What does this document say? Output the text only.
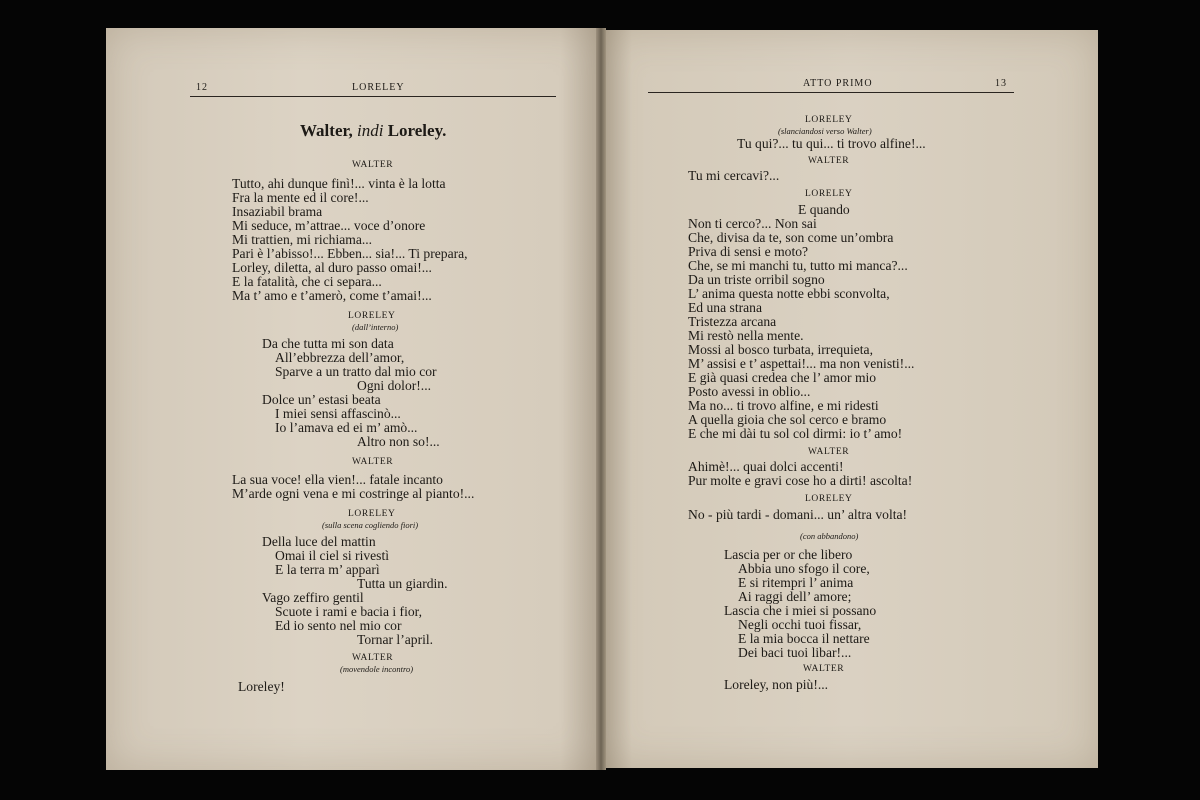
12	LORELEY
Walter, indi Loreley.
WALTER
Tutto, ahi dunque finì!... vinta è la lotta
Fra la mente ed il core!...
Insaziabil brama
Mi seduce, m’attrae... voce d’onore
Mi trattien, mi richiama...
Pari è l’abisso!... Ebben... sia!... Ti prepara,
Lorley, diletta, al duro passo omai!...
E la fatalità, che ci separa...
Ma t’ amo e t’amerò, come t’amai!...
LORELEY
(dall’interno)
Da che tutta mi son data
All’ebbrezza dell’amor,
Sparve a un tratto dal mio cor
Ogni dolor!...
Dolce un’ estasi beata
I miei sensi affascinò...
Io l’amava ed ei m’ amò...
Altro non so!...
WALTER
La sua voce! ella vien!... fatale incanto
M’arde ogni vena e mi costringe al pianto!...
LORELEY
(sulla scena cogliendo fiori)
Della luce del mattin
Omai il ciel si rivestì
E la terra m’ apparì
Tutta un giardin.
Vago zeffiro gentil
Scuote i rami e bacia i fior,
Ed io sento nel mio cor
Tornar l’april.
WALTER
(movendole incontro)
Loreley!
ATTO PRIMO	13
LORELEY
(slanciandosi verso Walter)
Tu qui?... tu qui... ti trovo alfine!...
WALTER
Tu mi cercavi?...
LORELEY
E quando
Non ti cerco?... Non sai
Che, divisa da te, son come un’ombra
Priva di sensi e moto?
Che, se mi manchi tu, tutto mi manca?...
Da un triste orribil sogno
L’ anima questa notte ebbi sconvolta,
Ed una strana
Tristezza arcana
Mi restò nella mente.
Mossi al bosco turbata, irrequieta,
M’ assisi e t’ aspettai!... ma non venisti!...
E già quasi credea che l’ amor mio
Posto avessi in oblio...
Ma no... ti trovo alfine, e mi ridesti
A quella gioia che sol cerco e bramo
E che mi dài tu sol col dirmi: io t’ amo!
WALTER
Ahimè!... quai dolci accenti!
Pur molte e gravi cose ho a dirti! ascolta!
LORELEY
No - più tardi - domani... un’ altra volta!
(con abbandono)
Lascia per or che libero
Abbia uno sfogo il core,
E si ritempri l’ anima
Ai raggi dell’ amore;
Lascia che i miei si possano
Negli occhi tuoi fissar,
E la mia bocca il nettare
Dei baci tuoi libar!...
WALTER
Loreley, non più!...
